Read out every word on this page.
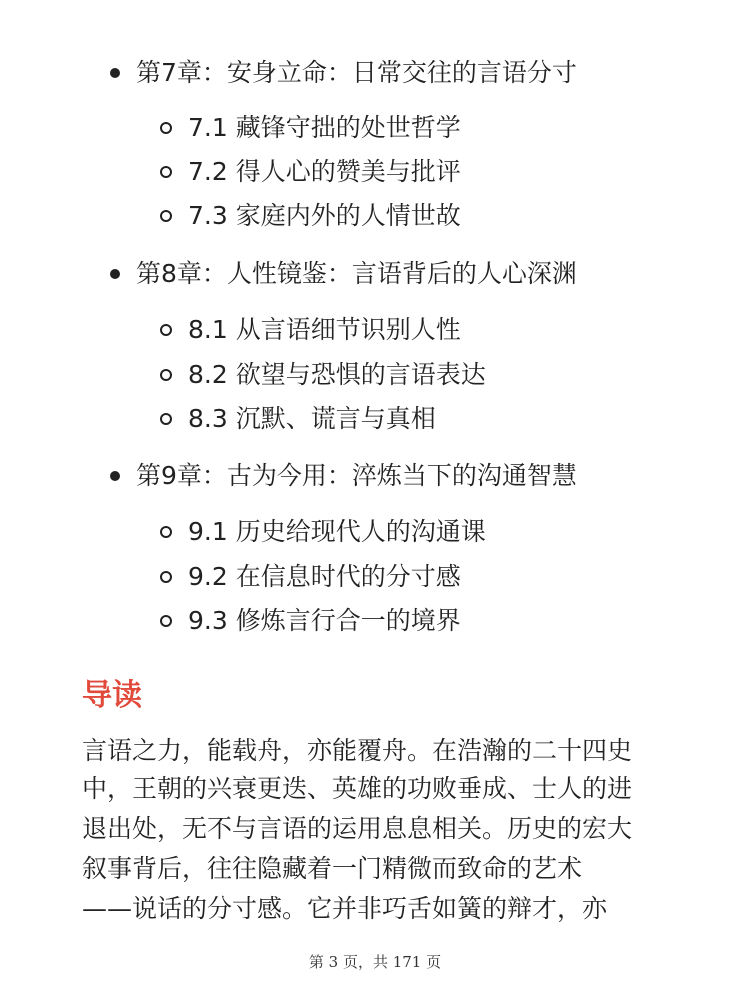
第7章：安身立命：日常交往的言语分寸
7.1 藏锋守拙的处世哲学
7.2 得人心的赞美与批评
7.3 家庭内外的人情世故
第8章：人性镜鉴：言语背后的人心深渊
8.1 从言语细节识别人性
8.2 欲望与恐惧的言语表达
8.3 沉默、谎言与真相
第9章：古为今用：淬炼当下的沟通智慧
9.1 历史给现代人的沟通课
9.2 在信息时代的分寸感
9.3 修炼言行合一的境界
导读
言语之力，能载舟，亦能覆舟。在浩瀚的二十四史
中，王朝的兴衰更迭、英雄的功败垂成、士人的进
退出处，无不与言语的运用息息相关。历史的宏大
叙事背后，往往隐藏着一门精微而致命的艺术
——说话的分寸感。它并非巧舌如簧的辩才，亦
第 3 页，共 171 页
